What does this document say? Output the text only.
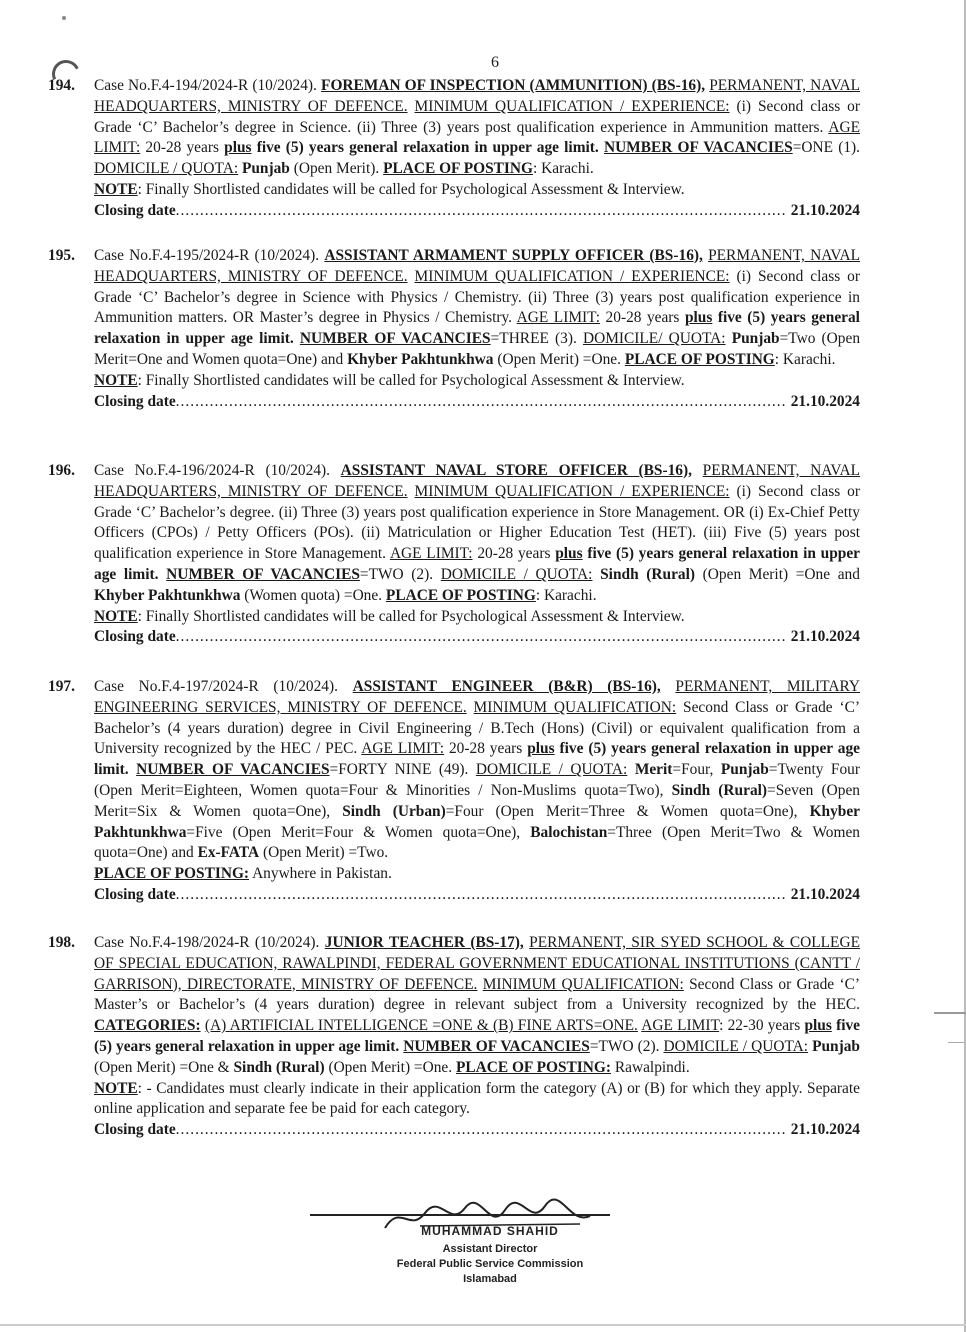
6
194. Case No.F.4-194/2024-R (10/2024). FOREMAN OF INSPECTION (AMMUNITION) (BS-16), PERMANENT, NAVAL HEADQUARTERS, MINISTRY OF DEFENCE. MINIMUM QUALIFICATION / EXPERIENCE: (i) Second class or Grade ‘C’ Bachelor’s degree in Science. (ii) Three (3) years post qualification experience in Ammunition matters. AGE LIMIT: 20-28 years plus five (5) years general relaxation in upper age limit. NUMBER OF VACANCIES=ONE (1). DOMICILE / QUOTA: Punjab (Open Merit). PLACE OF POSTING: Karachi.
NOTE: Finally Shortlisted candidates will be called for Psychological Assessment & Interview.
Closing date .....	21.10.2024
195. Case No.F.4-195/2024-R (10/2024). ASSISTANT ARMAMENT SUPPLY OFFICER (BS-16), PERMANENT, NAVAL HEADQUARTERS, MINISTRY OF DEFENCE. MINIMUM QUALIFICATION / EXPERIENCE: (i) Second class or Grade ‘C’ Bachelor’s degree in Science with Physics / Chemistry. (ii) Three (3) years post qualification experience in Ammunition matters. OR Master’s degree in Physics / Chemistry. AGE LIMIT: 20-28 years plus five (5) years general relaxation in upper age limit. NUMBER OF VACANCIES=THREE (3). DOMICILE/ QUOTA: Punjab=Two (Open Merit=One and Women quota=One) and Khyber Pakhtunkhwa (Open Merit) =One. PLACE OF POSTING: Karachi.
NOTE: Finally Shortlisted candidates will be called for Psychological Assessment & Interview.
Closing date .....	21.10.2024
196. Case No.F.4-196/2024-R (10/2024). ASSISTANT NAVAL STORE OFFICER (BS-16), PERMANENT, NAVAL HEADQUARTERS, MINISTRY OF DEFENCE. MINIMUM QUALIFICATION / EXPERIENCE: (i) Second class or Grade ‘C’ Bachelor’s degree. (ii) Three (3) years post qualification experience in Store Management. OR (i) Ex-Chief Petty Officers (CPOs) / Petty Officers (POs). (ii) Matriculation or Higher Education Test (HET). (iii) Five (5) years post qualification experience in Store Management. AGE LIMIT: 20-28 years plus five (5) years general relaxation in upper age limit. NUMBER OF VACANCIES=TWO (2). DOMICILE / QUOTA: Sindh (Rural) (Open Merit) =One and Khyber Pakhtunkhwa (Women quota) =One. PLACE OF POSTING: Karachi.
NOTE: Finally Shortlisted candidates will be called for Psychological Assessment & Interview.
Closing date .....	21.10.2024
197. Case No.F.4-197/2024-R (10/2024). ASSISTANT ENGINEER (B&R) (BS-16), PERMANENT, MILITARY ENGINEERING SERVICES, MINISTRY OF DEFENCE. MINIMUM QUALIFICATION: Second Class or Grade ‘C’ Bachelor’s (4 years duration) degree in Civil Engineering / B.Tech (Hons) (Civil) or equivalent qualification from a University recognized by the HEC / PEC. AGE LIMIT: 20-28 years plus five (5) years general relaxation in upper age limit. NUMBER OF VACANCIES=FORTY NINE (49). DOMICILE / QUOTA: Merit=Four, Punjab=Twenty Four (Open Merit=Eighteen, Women quota=Four & Minorities / Non-Muslims quota=Two), Sindh (Rural)=Seven (Open Merit=Six & Women quota=One), Sindh (Urban)=Four (Open Merit=Three & Women quota=One), Khyber Pakhtunkhwa=Five (Open Merit=Four & Women quota=One), Balochistan=Three (Open Merit=Two & Women quota=One) and Ex-FATA (Open Merit) =Two.
PLACE OF POSTING: Anywhere in Pakistan.
Closing date .....	21.10.2024
198. Case No.F.4-198/2024-R (10/2024). JUNIOR TEACHER (BS-17), PERMANENT, SIR SYED SCHOOL & COLLEGE OF SPECIAL EDUCATION, RAWALPINDI, FEDERAL GOVERNMENT EDUCATIONAL INSTITUTIONS (CANTT / GARRISON), DIRECTORATE, MINISTRY OF DEFENCE. MINIMUM QUALIFICATION: Second Class or Grade ‘C’ Master’s or Bachelor’s (4 years duration) degree in relevant subject from a University recognized by the HEC. CATEGORIES: (A) ARTIFICIAL INTELLIGENCE =ONE & (B) FINE ARTS=ONE. AGE LIMIT: 22-30 years plus five (5) years general relaxation in upper age limit. NUMBER OF VACANCIES=TWO (2). DOMICILE / QUOTA: Punjab (Open Merit) =One & Sindh (Rural) (Open Merit) =One. PLACE OF POSTING: Rawalpindi.
NOTE: - Candidates must clearly indicate in their application form the category (A) or (B) for which they apply. Separate online application and separate fee be paid for each category.
Closing date .....	21.10.2024
MUHAMMAD SHAHID
Assistant Director
Federal Public Service Commission
Islamabad
